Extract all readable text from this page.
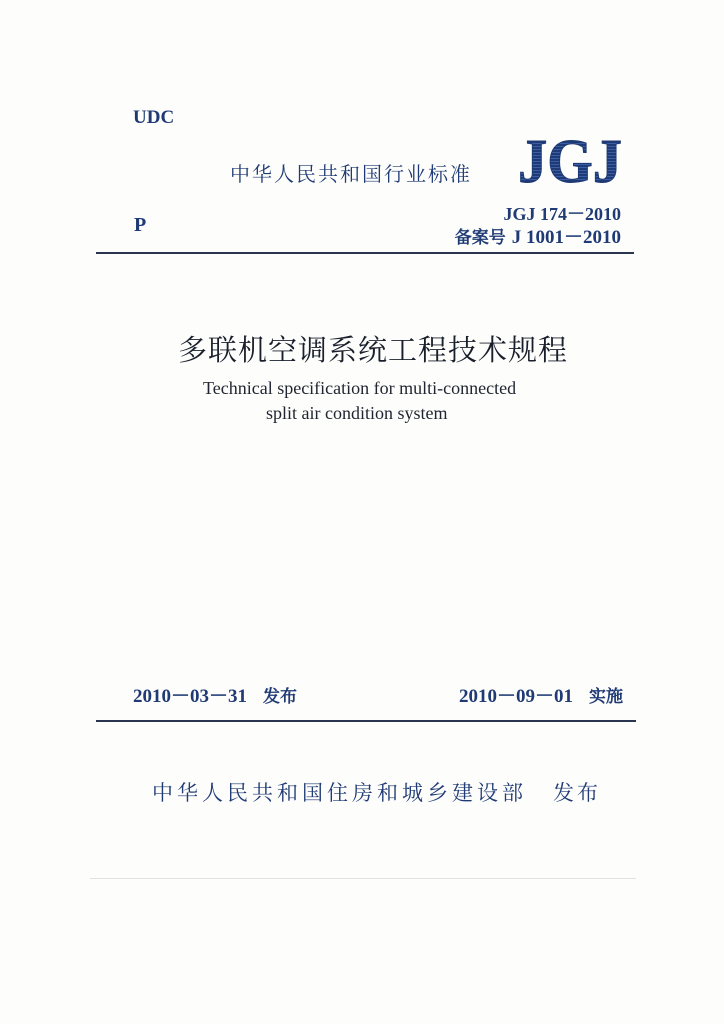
UDC
中华人民共和国行业标准 JGJ
JGJ 174－2010
P
备案号 J 1001－2010
多联机空调系统工程技术规程
Technical specification for multi-connected
split air condition system
2010－03－31 发布	2010－09－01 实施
中华人民共和国住房和城乡建设部 发布
